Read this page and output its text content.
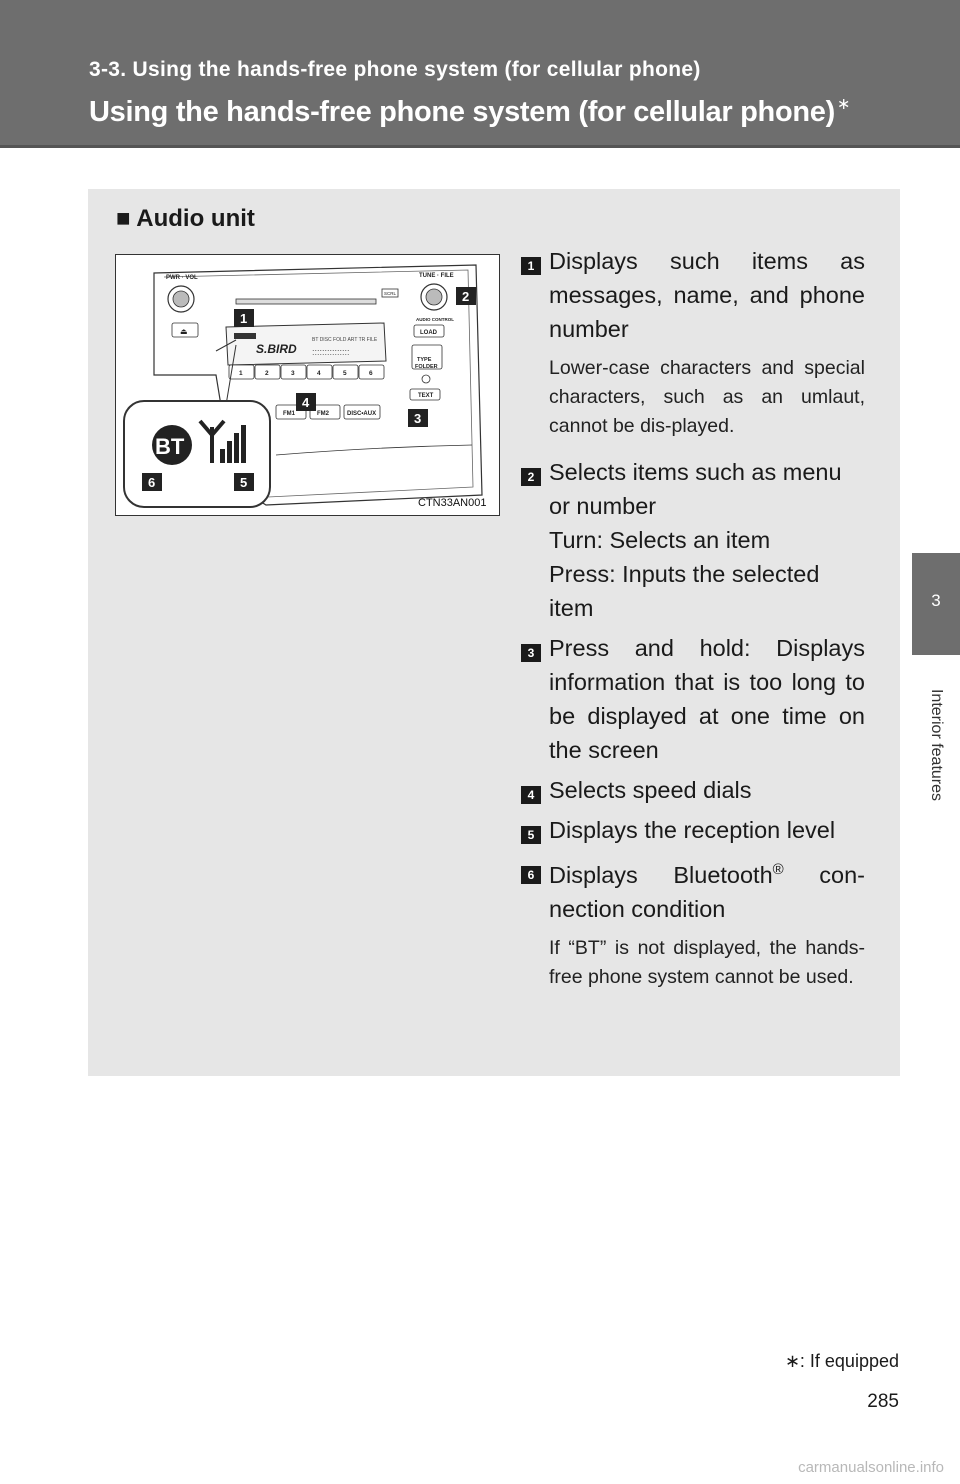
3-3. Using the hands-free phone system (for cellular phone)
Using the hands-free phone system (for cellular phone) ∗
3
Interior features
■ Audio unit
S.BIRD
BT DISC FOLD ART TR FILE
:::::::::::::::
PWR · VOL	TUNE · FILE
SCRL
⏏
AUDIO CONTROL
LOAD
TYPE
FOLDER
TEXT
1	2	3	4	5	6
FM1	FM2	DISC•AUX
BT
1
2
3
4
5
6
CTN33AN001
1 Displays such items as messages, name, and phone number
Lower-case characters and special characters, such as an umlaut, cannot be dis-played.
2 Selects items such as menu or number
Turn: Selects an item
Press: Inputs the selected item
3 Press and hold: Displays information that is too long to be displayed at one time on the screen
4 Selects speed dials
5 Displays the reception level
6 Displays Bluetooth® con-nection condition
If “BT” is not displayed, the hands-free phone system cannot be used.
∗: If equipped
285
carmanualsonline.info
